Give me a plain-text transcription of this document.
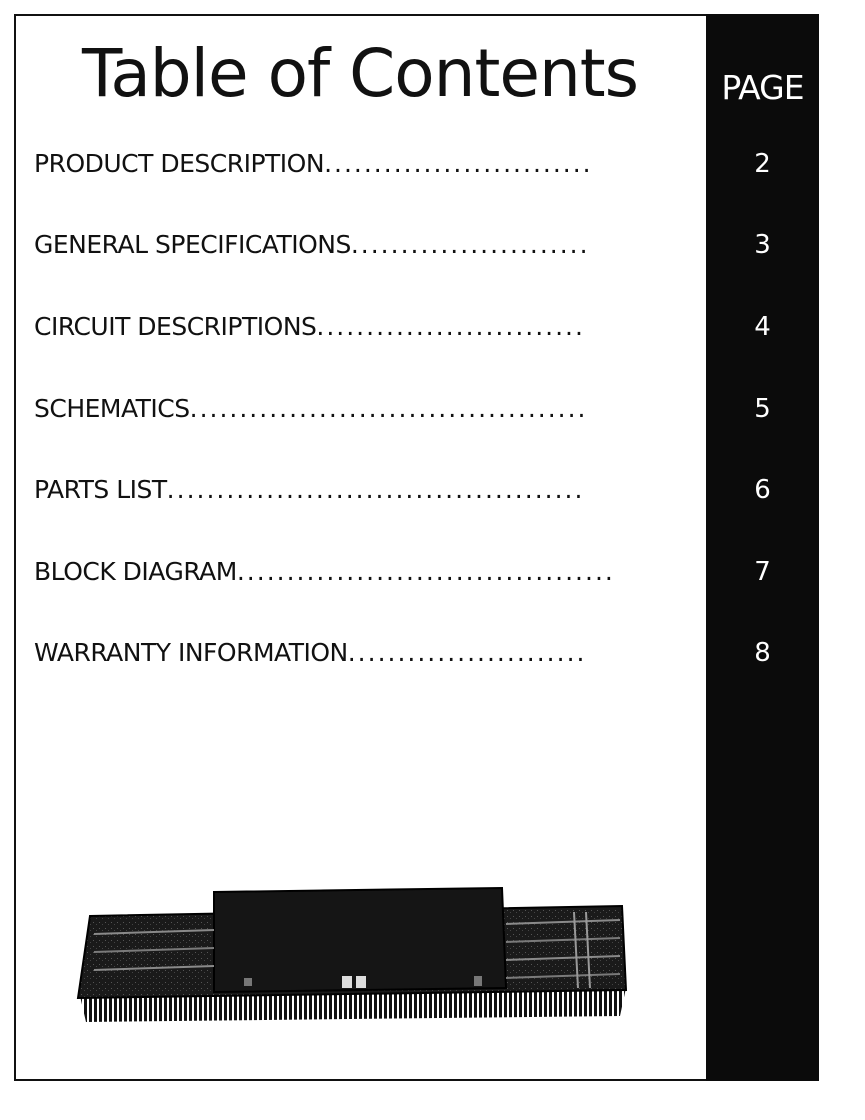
Table of Contents	PAGE
PRODUCT DESCRIPTION...........................	2
GENERAL SPECIFICATIONS........................	3
CIRCUIT DESCRIPTIONS...........................	4
SCHEMATICS........................................	5
PARTS LIST..........................................	6
BLOCK DIAGRAM......................................	7
WARRANTY INFORMATION........................	8
